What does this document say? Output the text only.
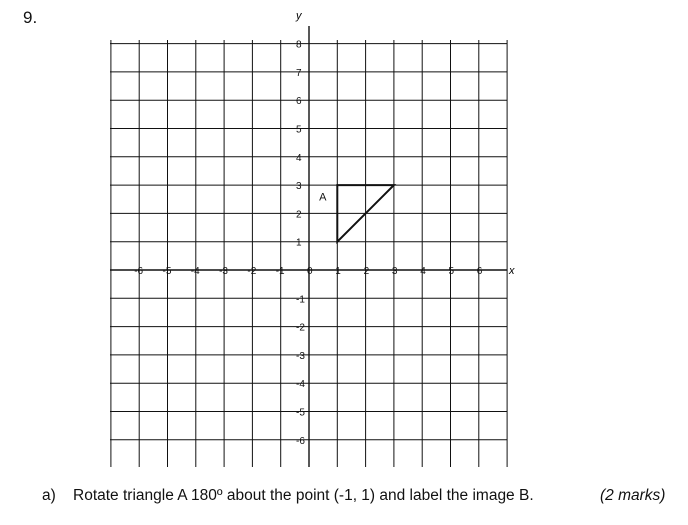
9.
-6 -5 -4 -3 -2 -1 0 1 2 3 4 5 6
8
7
6
5
4
3
2
1
-1
-2
-3
-4
-5
-6
A
x
y
a) Rotate triangle A 180º about the point (-1, 1) and label the image B.	(2 marks)
